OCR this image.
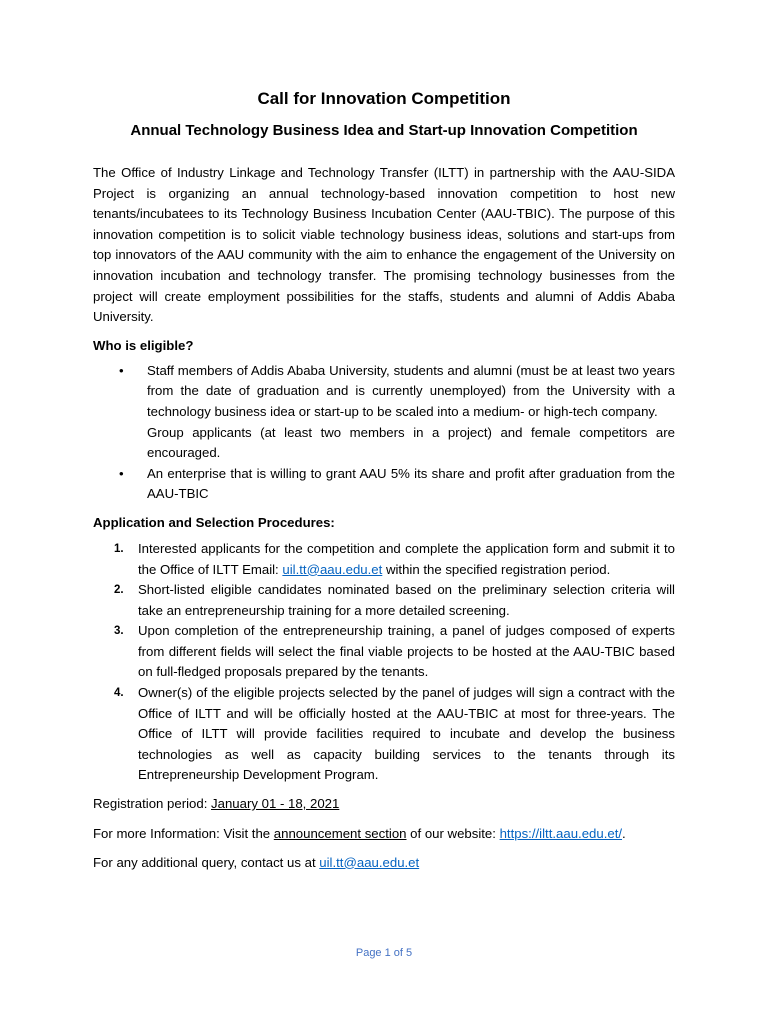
Call for Innovation Competition
Annual Technology Business Idea and Start-up Innovation Competition

The Office of Industry Linkage and Technology Transfer (ILTT) in partnership with the AAU-SIDA Project is organizing an annual technology-based innovation competition to host new tenants/incubatees to its Technology Business Incubation Center (AAU-TBIC). The purpose of this innovation competition is to solicit viable technology business ideas, solutions and start-ups from top innovators of the AAU community with the aim to enhance the engagement of the University on innovation incubation and technology transfer. The promising technology businesses from the project will create employment possibilities for the staffs, students and alumni of Addis Ababa University.

Who is eligible?

• Staff members of Addis Ababa University, students and alumni (must be at least two years from the date of graduation and is currently unemployed) from the University with a technology business idea or start-up to be scaled into a medium- or high-tech company.
Group applicants (at least two members in a project) and female competitors are encouraged.
• An enterprise that is willing to grant AAU 5% its share and profit after graduation from the AAU-TBIC

Application and Selection Procedures:

1. Interested applicants for the competition and complete the application form and submit it to the Office of ILTT Email: uil.tt@aau.edu.et within the specified registration period.
2. Short-listed eligible candidates nominated based on the preliminary selection criteria will take an entrepreneurship training for a more detailed screening.
3. Upon completion of the entrepreneurship training, a panel of judges composed of experts from different fields will select the final viable projects to be hosted at the AAU-TBIC based on full-fledged proposals prepared by the tenants.
4. Owner(s) of the eligible projects selected by the panel of judges will sign a contract with the Office of ILTT and will be officially hosted at the AAU-TBIC at most for three-years. The Office of ILTT will provide facilities required to incubate and develop the business technologies as well as capacity building services to the tenants through its Entrepreneurship Development Program.

Registration period: January 01 - 18, 2021

For more Information: Visit the announcement section of our website: https://iltt.aau.edu.et/.

For any additional query, contact us at uil.tt@aau.edu.et

Page 1 of 5
